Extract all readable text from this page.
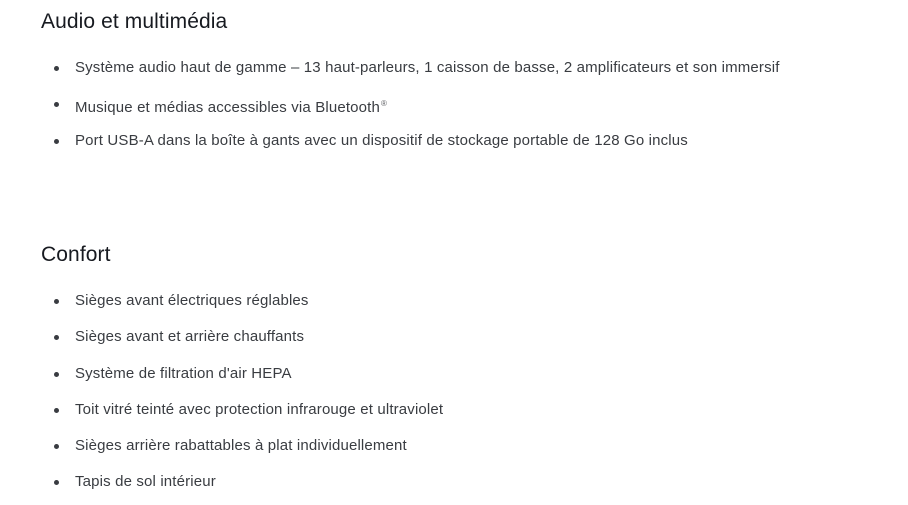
Audio et multimédia
Système audio haut de gamme – 13 haut-parleurs, 1 caisson de basse, 2 amplificateurs et son immersif
Musique et médias accessibles via Bluetooth®
Port USB-A dans la boîte à gants avec un dispositif de stockage portable de 128 Go inclus
Confort
Sièges avant électriques réglables
Sièges avant et arrière chauffants
Système de filtration d'air HEPA
Toit vitré teinté avec protection infrarouge et ultraviolet
Sièges arrière rabattables à plat individuellement
Tapis de sol intérieur
